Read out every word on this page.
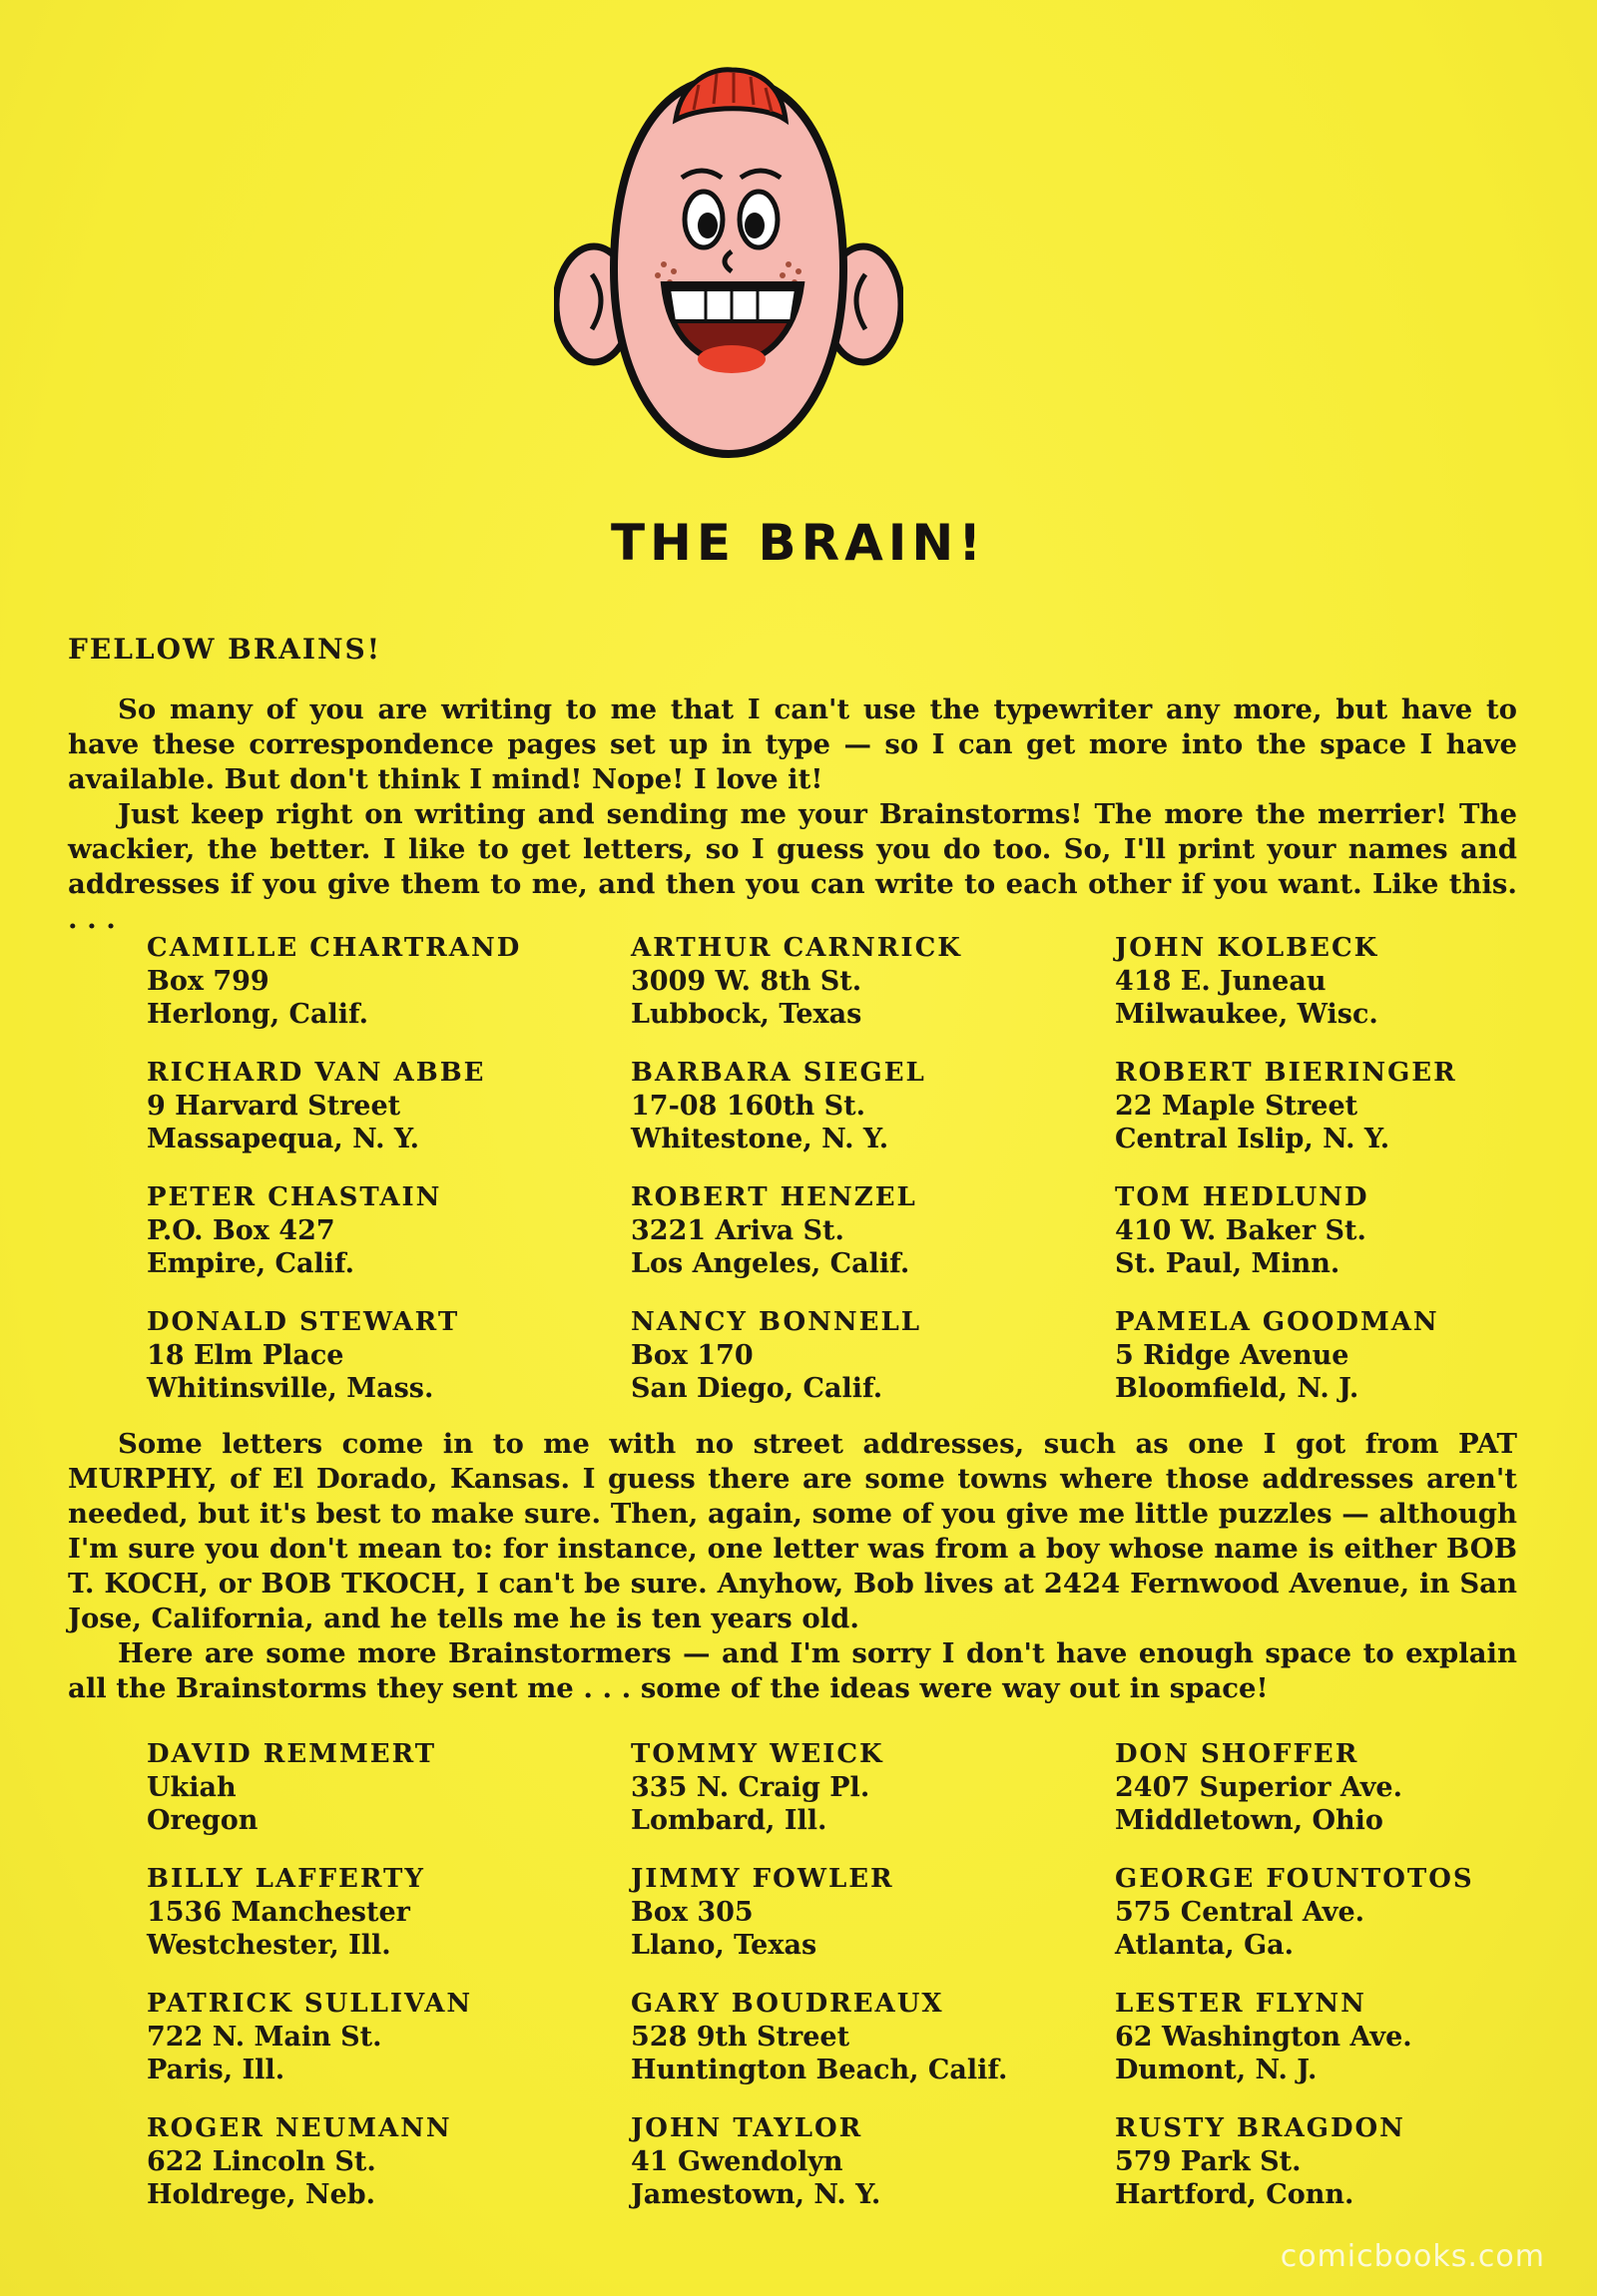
THE BRAIN!
FELLOW BRAINS!

So many of you are writing to me that I can't use the typewriter any more, but have to have these correspondence pages set up in type — so I can get more into the space I have available. But don't think I mind! Nope! I love it!

Just keep right on writing and sending me your Brainstorms! The more the merrier! The wackier, the better. I like to get letters, so I guess you do too. So, I'll print your names and addresses if you give them to me, and then you can write to each other if you want. Like this. . . .

CAMILLE CHARTRAND
Box 799
Herlong, Calif.
ARTHUR CARNRICK
3009 W. 8th St.
Lubbock, Texas
JOHN KOLBECK
418 E. Juneau
Milwaukee, Wisc.
RICHARD VAN ABBE
9 Harvard Street
Massapequa, N. Y.
BARBARA SIEGEL
17-08 160th St.
Whitestone, N. Y.
ROBERT BIERINGER
22 Maple Street
Central Islip, N. Y.
PETER CHASTAIN
P.O. Box 427
Empire, Calif.
ROBERT HENZEL
3221 Ariva St.
Los Angeles, Calif.
TOM HEDLUND
410 W. Baker St.
St. Paul, Minn.
DONALD STEWART
18 Elm Place
Whitinsville, Mass.
NANCY BONNELL
Box 170
San Diego, Calif.
PAMELA GOODMAN
5 Ridge Avenue
Bloomfield, N. J.

Some letters come in to me with no street addresses, such as one I got from PAT MURPHY, of El Dorado, Kansas. I guess there are some towns where those addresses aren't needed, but it's best to make sure. Then, again, some of you give me little puzzles — although I'm sure you don't mean to: for instance, one letter was from a boy whose name is either BOB T. KOCH, or BOB TKOCH, I can't be sure. Anyhow, Bob lives at 2424 Fernwood Avenue, in San Jose, California, and he tells me he is ten years old.

Here are some more Brainstormers — and I'm sorry I don't have enough space to explain all the Brainstorms they sent me . . . some of the ideas were way out in space!

DAVID REMMERT
Ukiah
Oregon
TOMMY WEICK
335 N. Craig Pl.
Lombard, Ill.
DON SHOFFER
2407 Superior Ave.
Middletown, Ohio
BILLY LAFFERTY
1536 Manchester
Westchester, Ill.
JIMMY FOWLER
Box 305
Llano, Texas
GEORGE FOUNTOTOS
575 Central Ave.
Atlanta, Ga.
PATRICK SULLIVAN
722 N. Main St.
Paris, Ill.
GARY BOUDREAUX
528 9th Street
Huntington Beach, Calif.
LESTER FLYNN
62 Washington Ave.
Dumont, N. J.
ROGER NEUMANN
622 Lincoln St.
Holdrege, Neb.
JOHN TAYLOR
41 Gwendolyn
Jamestown, N. Y.
RUSTY BRAGDON
579 Park St.
Hartford, Conn.
comicbooks.com
